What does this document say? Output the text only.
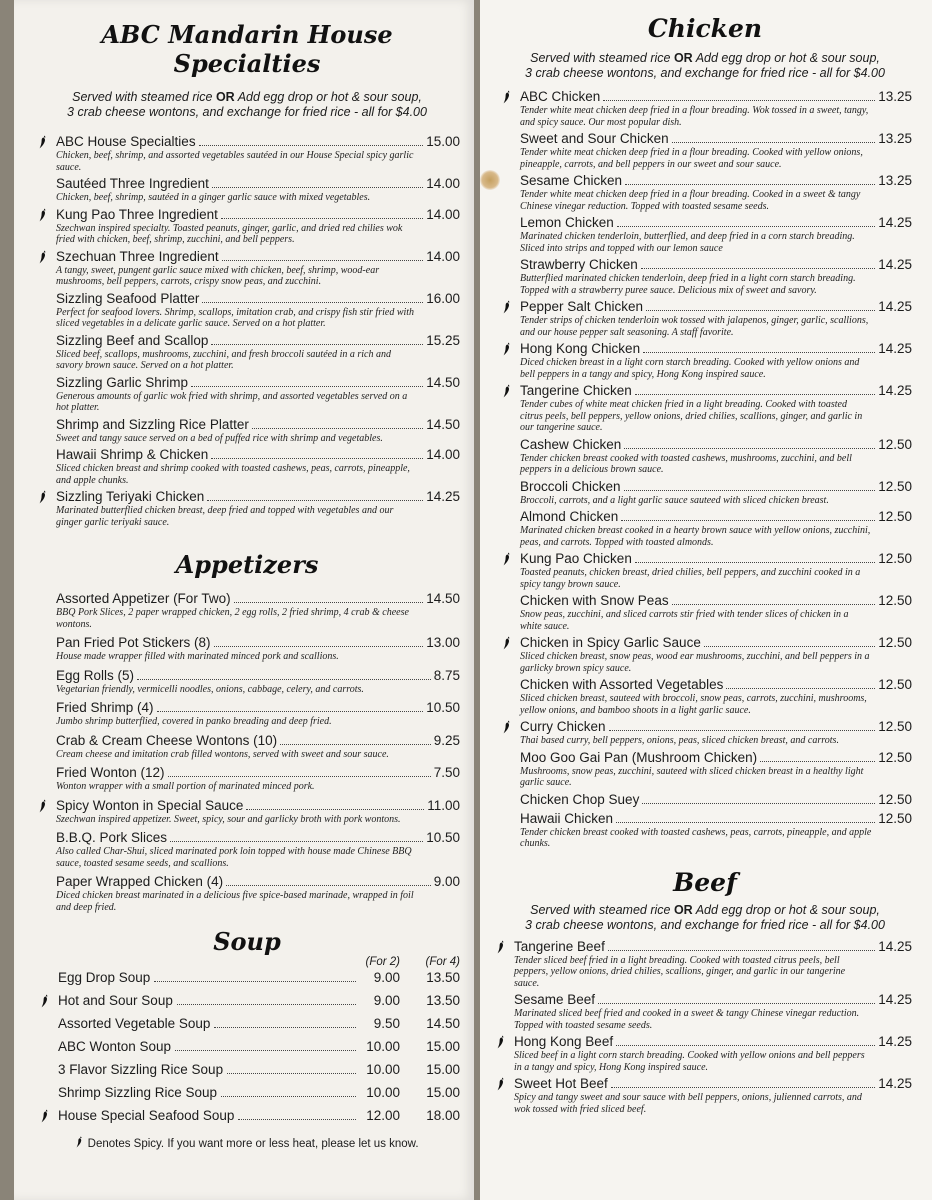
ABC Mandarin House Specialties

Served with steamed rice OR Add egg drop or hot & sour soup,

3 crab cheese wontons, and exchange for fried rice - all for $4.00

ABC House Specialties	15.00
Chicken, beef, shrimp, and assorted vegetables sautéed in our House Special spicy garlic sauce.
Sautéed Three Ingredient	14.00
Chicken, beef, shrimp, sautéed in a ginger garlic sauce with mixed vegetables.
Kung Pao Three Ingredient	14.00
Szechwan inspired specialty. Toasted peanuts, ginger, garlic, and dried red chilies wok fried with chicken, beef, shrimp, zucchini, and bell peppers.
Szechuan Three Ingredient	14.00
A tangy, sweet, pungent garlic sauce mixed with chicken, beef, shrimp, wood-ear mushrooms, bell peppers, carrots, crispy snow peas, and zucchini.
Sizzling Seafood Platter	16.00
Perfect for seafood lovers. Shrimp, scallops, imitation crab, and crispy fish stir fried with sliced vegetables in a delicate garlic sauce. Served on a hot platter.
Sizzling Beef and Scallop	15.25
Sliced beef, scallops, mushrooms, zucchini, and fresh broccoli sautéed in a rich and savory brown sauce. Served on a hot platter.
Sizzling Garlic Shrimp	14.50
Generous amounts of garlic wok fried with shrimp, and assorted vegetables served on a hot platter.
Shrimp and Sizzling Rice Platter	14.50
Sweet and tangy sauce served on a bed of puffed rice with shrimp and vegetables.
Hawaii Shrimp & Chicken	14.00
Sliced chicken breast and shrimp cooked with toasted cashews, peas, carrots, pineapple, and apple chunks.
Sizzling Teriyaki Chicken	14.25
Marinated butterflied chicken breast, deep fried and topped with vegetables and our ginger garlic teriyaki sauce.
Appetizers
Assorted Appetizer (For Two)	14.50
BBQ Pork Slices, 2 paper wrapped chicken, 2 egg rolls, 2 fried shrimp, 4 crab & cheese wontons.
Pan Fried Pot Stickers (8)	13.00
House made wrapper filled with marinated minced pork and scallions.
Egg Rolls (5)	8.75
Vegetarian friendly, vermicelli noodles, onions, cabbage, celery, and carrots.
Fried Shrimp (4)	10.50
Jumbo shrimp butterflied, covered in panko breading and deep fried.
Crab & Cream Cheese Wontons (10)	9.25
Cream cheese and imitation crab filled wontons, served with sweet and sour sauce.
Fried Wonton (12)	7.50
Wonton wrapper with a small portion of marinated minced pork.
Spicy Wonton in Special Sauce	11.00
Szechwan inspired appetizer. Sweet, spicy, sour and garlicky broth with pork wontons.
B.B.Q. Pork Slices	10.50
Also called Char-Shui, sliced marinated pork loin topped with house made Chinese BBQ sauce, toasted sesame seeds, and scallions.
Paper Wrapped Chicken (4)	9.00
Diced chicken breast marinated in a delicious five spice-based marinade, wrapped in foil and deep fried.
Soup
(For 2)	(For 4)
Egg Drop Soup	9.00	13.50
Hot and Sour Soup	9.00	13.50
Assorted Vegetable Soup	9.50	14.50
ABC Wonton Soup	10.00	15.00
3 Flavor Sizzling Rice Soup	10.00	15.00
Shrimp Sizzling Rice Soup	10.00	15.00
House Special Seafood Soup	12.00	18.00
Denotes Spicy. If you want more or less heat, please let us know.
Chicken

Served with steamed rice OR Add egg drop or hot & sour soup,

3 crab cheese wontons, and exchange for fried rice - all for $4.00

ABC Chicken	13.25
Tender white meat chicken deep fried in a flour breading. Wok tossed in a sweet, tangy, and spicy sauce. Our most popular dish.
Sweet and Sour Chicken	13.25
Tender white meat chicken deep fried in a flour breading. Cooked with yellow onions, pineapple, carrots, and bell peppers in our sweet and sour sauce.
Sesame Chicken	13.25
Tender white meat chicken deep fried in a flour breading. Cooked in a sweet & tangy Chinese vinegar reduction. Topped with toasted sesame seeds.
Lemon Chicken	14.25
Marinated chicken tenderloin, butterflied, and deep fried in a corn starch breading. Sliced into strips and topped with our lemon sauce
Strawberry Chicken	14.25
Butterflied marinated chicken tenderloin, deep fried in a light corn starch breading. Topped with a strawberry puree sauce. Delicious mix of sweet and savory.
Pepper Salt Chicken	14.25
Tender strips of chicken tenderloin wok tossed with jalapenos, ginger, garlic, scallions, and our house pepper salt seasoning. A staff favorite.
Hong Kong Chicken	14.25
Diced chicken breast in a light corn starch breading. Cooked with yellow onions and bell peppers in a tangy and spicy, Hong Kong inspired sauce.
Tangerine Chicken	14.25
Tender cubes of white meat chicken fried in a light breading. Cooked with toasted citrus peels, bell peppers, yellow onions, dried chilies, scallions, ginger, and garlic in our tangerine sauce.
Cashew Chicken	12.50
Tender chicken breast cooked with toasted cashews, mushrooms, zucchini, and bell peppers in a delicious brown sauce.
Broccoli Chicken	12.50
Broccoli, carrots, and a light garlic sauce sauteed with sliced chicken breast.
Almond Chicken	12.50
Marinated chicken breast cooked in a hearty brown sauce with yellow onions, zucchini, peas, and carrots. Topped with toasted almonds.
Kung Pao Chicken	12.50
Toasted peanuts, chicken breast, dried chilies, bell peppers, and zucchini cooked in a spicy tangy brown sauce.
Chicken with Snow Peas	12.50
Snow peas, zucchini, and sliced carrots stir fried with tender slices of chicken in a white sauce.
Chicken in Spicy Garlic Sauce	12.50
Sliced chicken breast, snow peas, wood ear mushrooms, zucchini, and bell peppers in a garlicky brown spicy sauce.
Chicken with Assorted Vegetables	12.50
Sliced chicken breast, sauteed with broccoli, snow peas, carrots, zucchini, mushrooms, yellow onions, and bamboo shoots in a light garlic sauce.
Curry Chicken	12.50
Thai based curry, bell peppers, onions, peas, sliced chicken breast, and carrots.
Moo Goo Gai Pan (Mushroom Chicken)	12.50
Mushrooms, snow peas, zucchini, sauteed with sliced chicken breast in a healthy light garlic sauce.
Chicken Chop Suey	12.50
Hawaii Chicken	12.50
Tender chicken breast cooked with toasted cashews, peas, carrots, pineapple, and apple chunks.
Beef

Served with steamed rice OR Add egg drop or hot & sour soup,

3 crab cheese wontons, and exchange for fried rice - all for $4.00

Tangerine Beef	14.25
Tender sliced beef fried in a light breading. Cooked with toasted citrus peels, bell peppers, yellow onions, dried chilies, scallions, ginger, and garlic in our tangerine sauce.
Sesame Beef	14.25
Marinated sliced beef fried and cooked in a sweet & tangy Chinese vinegar reduction. Topped with toasted sesame seeds.
Hong Kong Beef	14.25
Sliced beef in a light corn starch breading. Cooked with yellow onions and bell peppers in a tangy and spicy, Hong Kong inspired sauce.
Sweet Hot Beef	14.25
Spicy and tangy sweet and sour sauce with bell peppers, onions, julienned carrots, and wok tossed with fried sliced beef.
